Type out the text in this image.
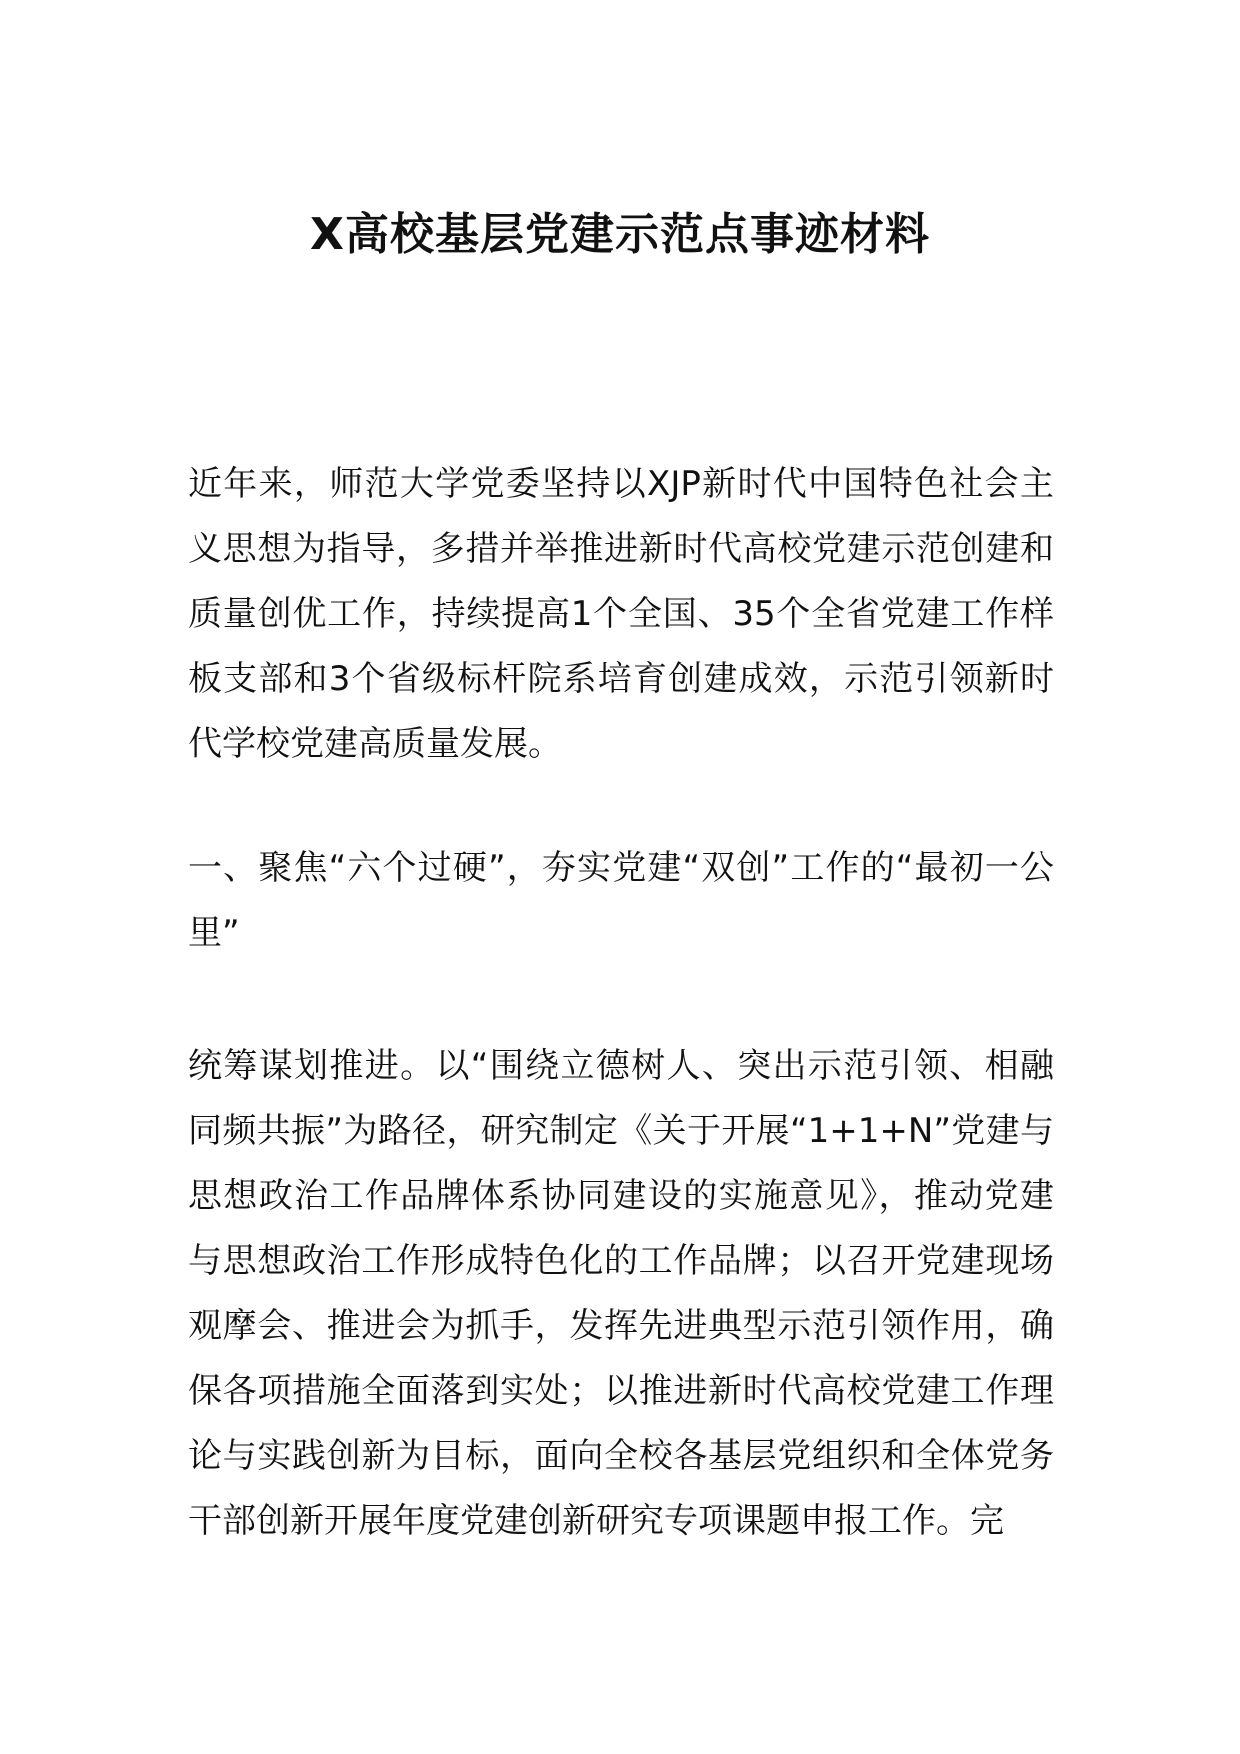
X高校基层党建示范点事迹材料

近年来，师范大学党委坚持以XJP新时代中国特色社会主义思想为指导，多措并举推进新时代高校党建示范创建和质量创优工作，持续提高1个全国、35个全省党建工作样板支部和3个省级标杆院系培育创建成效，示范引领新时代学校党建高质量发展。

一、聚焦“六个过硬”，夯实党建“双创”工作的“最初一公里”

统筹谋划推进。以“围绕立德树人、突出示范引领、相融同频共振”为路径，研究制定《关于开展“1+1+N”党建与思想政治工作品牌体系协同建设的实施意见》，推动党建与思想政治工作形成特色化的工作品牌；以召开党建现场观摩会、推进会为抓手，发挥先进典型示范引领作用，确保各项措施全面落到实处；以推进新时代高校党建工作理论与实践创新为目标，面向全校各基层党组织和全体党务干部创新开展年度党建创新研究专项课题申报工作。完
